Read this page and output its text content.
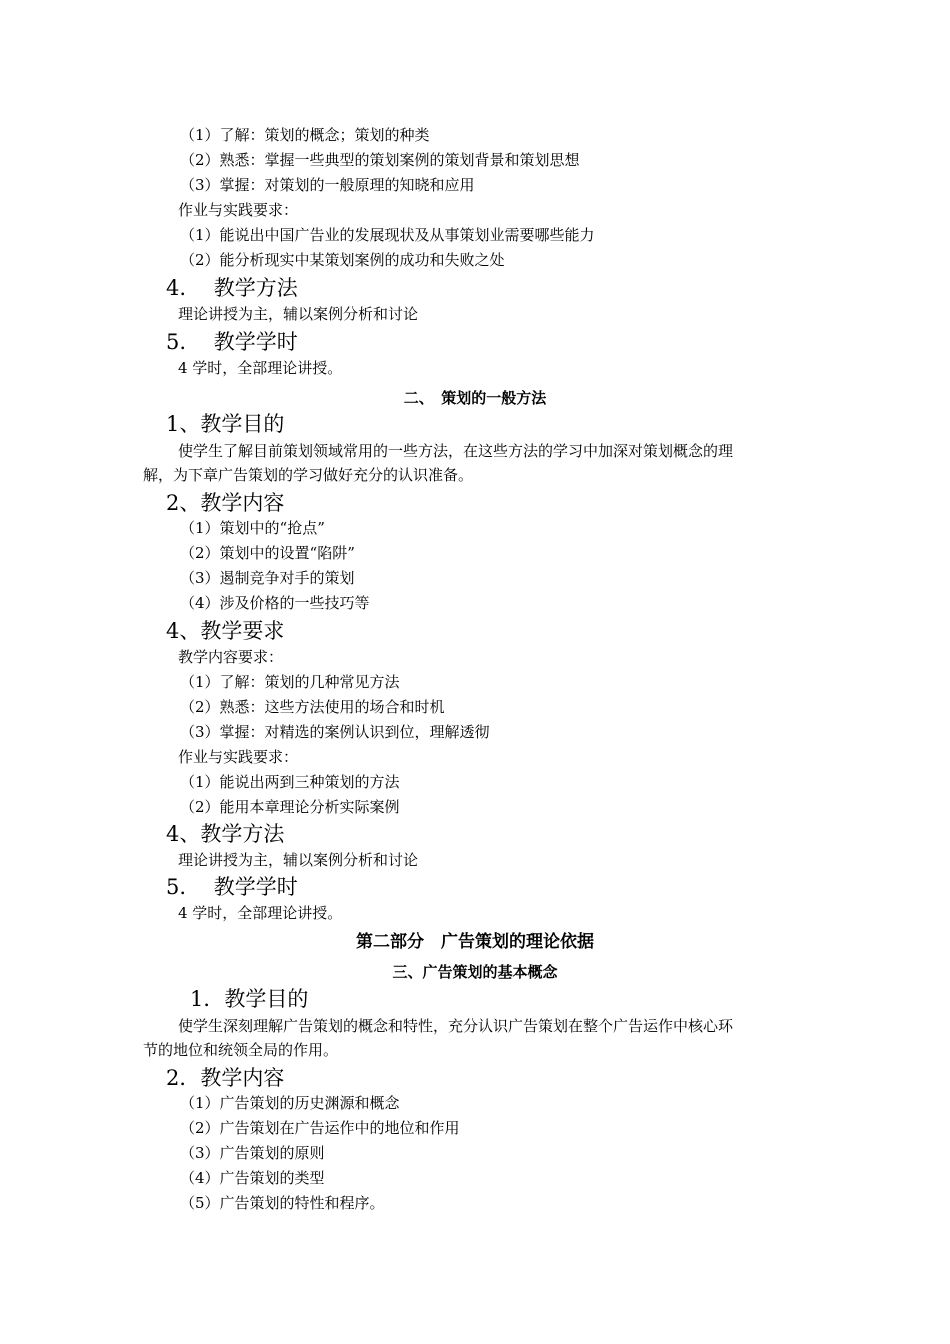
（1）了解：策划的概念；策划的种类
（2）熟悉：掌握一些典型的策划案例的策划背景和策划思想
（3）掌握：对策划的一般原理的知晓和应用
作业与实践要求：
（1）能说出中国广告业的发展现状及从事策划业需要哪些能力
（2）能分析现实中某策划案例的成功和失败之处
4.　 教学方法
理论讲授为主，辅以案例分析和讨论
5.　 教学学时
4 学时，全部理论讲授。
二、　策划的一般方法
1、教学目的
使学生了解目前策划领域常用的一些方法，在这些方法的学习中加深对策划概念的理
解，为下章广告策划的学习做好充分的认识准备。
2、教学内容
（1）策划中的“抢点”
（2）策划中的设置“陷阱”
（3）遏制竞争对手的策划
（4）涉及价格的一些技巧等
4、教学要求
教学内容要求：
（1）了解：策划的几种常见方法
（2）熟悉：这些方法使用的场合和时机
（3）掌握：对精选的案例认识到位，理解透彻
作业与实践要求：
（1）能说出两到三种策划的方法
（2）能用本章理论分析实际案例
4、教学方法
理论讲授为主，辅以案例分析和讨论
5.　 教学学时
4 学时，全部理论讲授。
第二部分　广告策划的理论依据
三、广告策划的基本概念
1．教学目的
使学生深刻理解广告策划的概念和特性，充分认识广告策划在整个广告运作中核心环
节的地位和统领全局的作用。
2．教学内容
（1）广告策划的历史渊源和概念
（2）广告策划在广告运作中的地位和作用
（3）广告策划的原则
（4）广告策划的类型
（5）广告策划的特性和程序。
